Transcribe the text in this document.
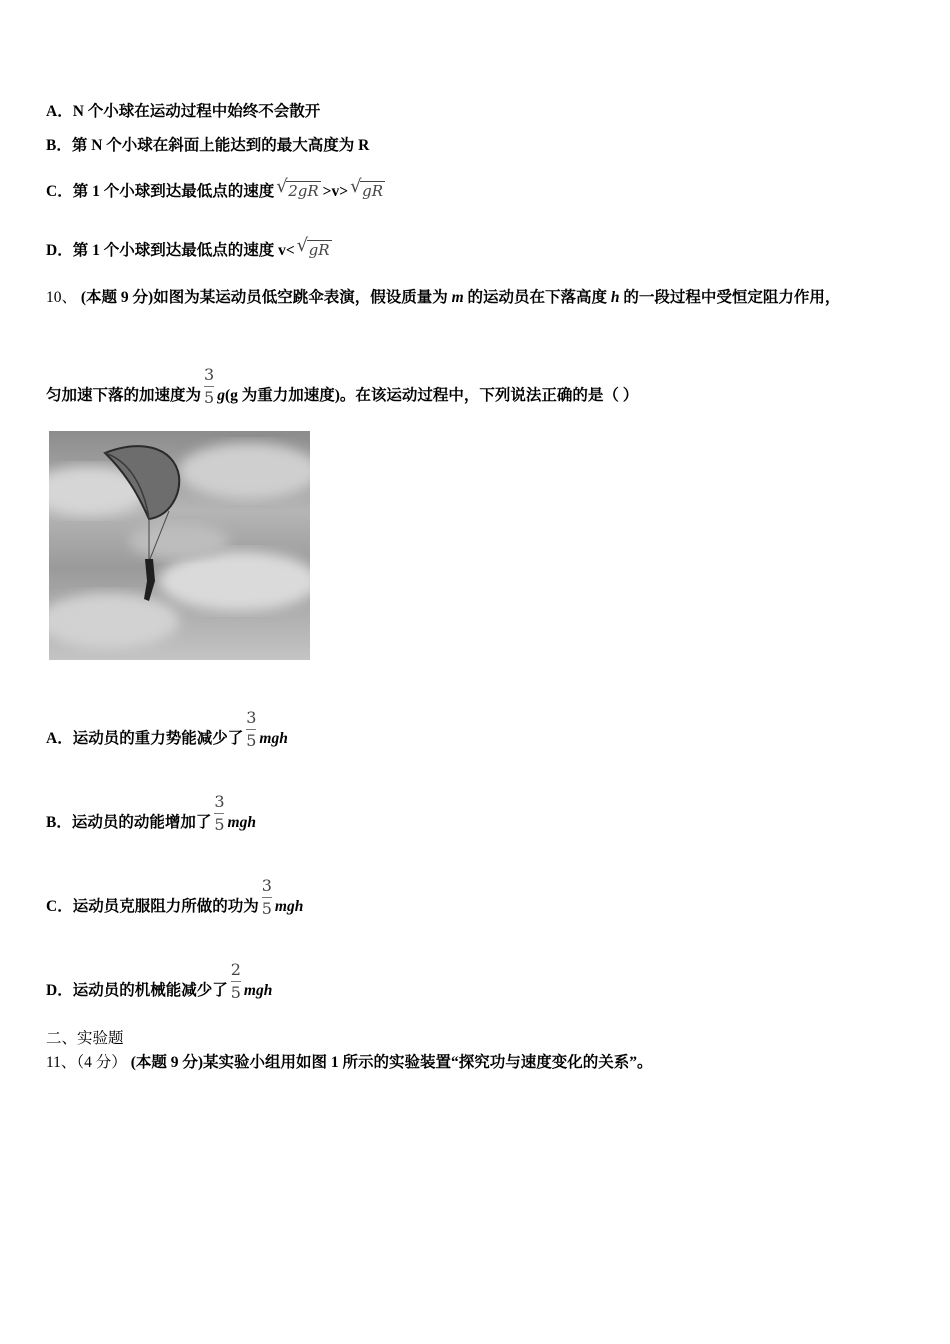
A．N 个小球在运动过程中始终不会散开
B．第 N 个小球在斜面上能达到的最大高度为 R
C．第 1 个小球到达最低点的速度 √ 2gR >v> √ gR
D．第 1 个小球到达最低点的速度 v< √ gR
10、 (本题 9 分)如图为某运动员低空跳伞表演，假设质量为 m 的运动员在下落高度 h 的一段过程中受恒定阻力作用，
匀加速下落的加速度为 $\frac{3}{5} g(g$ 为重力加速度)。在该运动过程中，下列说法正确的是（ ）
A．运动员的重力势能减少了 $\frac{3}{5}$ mgh
B．运动员的动能增加了 $\frac{3}{5}$ mgh
C．运动员克服阻力所做的功为 $\frac{3}{5}$ mgh
D．运动员的机械能减少了 $\frac{2}{5}$ mgh
二、实验题
11、（4 分） (本题 9 分)某实验小组用如图 1 所示的实验装置“探究功与速度变化的关系”。
